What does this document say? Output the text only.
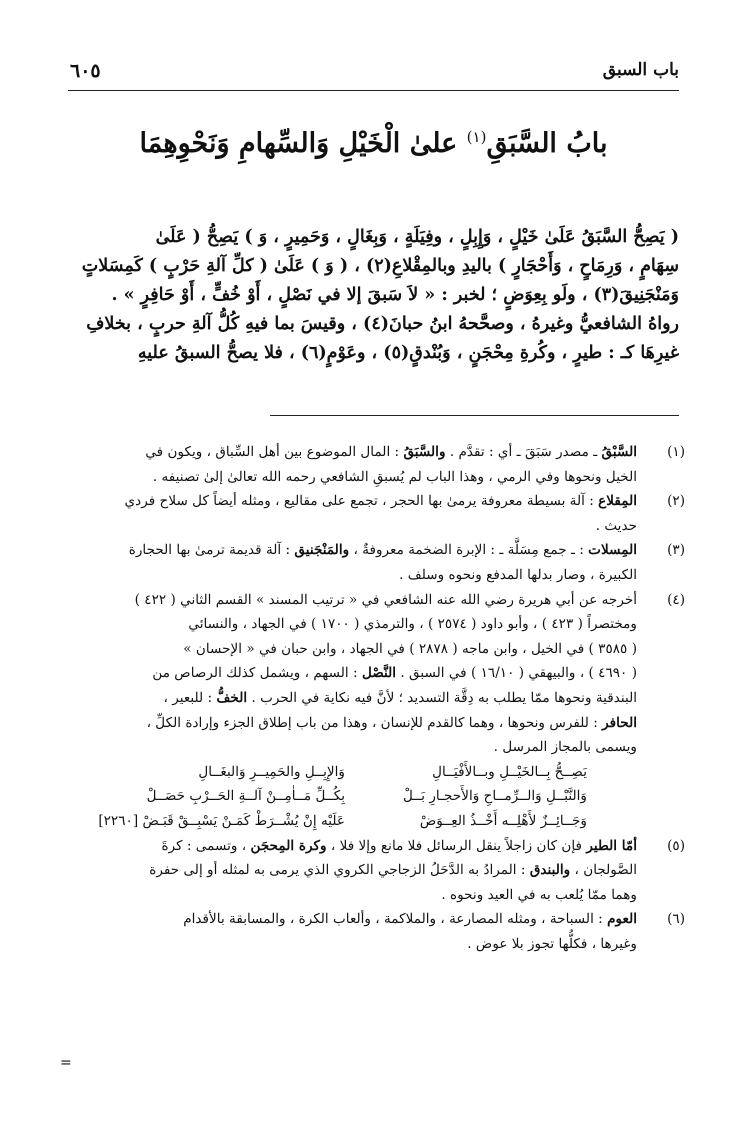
باب السبق
٦٠٥
بابُ السَّبَقِ$^{(١)}$ علىٰ الْخَيْلِ وَالسِّهامِ وَنَحْوِهِمَا
( يَصِحُّ السَّبَقُ عَلَىٰ خَيْلٍ ، وَإِبِلٍ ، وفِيَلَةٍ ، وَبِغَالٍ ، وَحَمِيرٍ ، وَ ) يَصِحُّ ( عَلَىٰ
سِهَامٍ ، وَرِمَاحٍ ، وَأَحْجَارٍ ) باليدِ وبالمِقْلاعِ(٢) ، ( وَ ) عَلَىٰ ( كلِّ آلةِ حَرْبٍ ) كَمِسَلاتٍ
وَمَنْجَنِيقَ(٣) ، ولَو بِعِوَضٍ ؛ لخبر : « لاَ سَبقَ إلا في نَصْلٍ ، أَوْ خُفٍّ ، أَوْ حَافِرٍ » .
رواهُ الشافعيُّ وغيرهُ ، وصحَّحهُ ابنُ حبانَ(٤) ، وقيسَ بما فيهِ كُلُّ آلةِ حربٍ ، بخلافِ
غيرِهَا كـ : طيرٍ ، وكُرةِ مِحْجَنٍ ، وَبُنْدقٍ(٥) ، وعَوْمٍ(٦) ، فلا يصحُّ السبقُ عليهِ
(١)
السَّبْقُ ـ مصدر سَبَقَ ـ أي : تقدَّم . والسَّبَقُ : المال الموضوع بين أهل السِّباق ، ويكون في
الخيل ونحوها وفي الرمي ، وهذا الباب لم يُسبقِ الشافعي رحمه الله تعالىٰ إلىٰ تصنيفه .
(٢)
المِقلاع : آلة بسيطة معروفة يرمىٰ بها الحجر ، تجمع على مقاليع ، ومثله أيضاً كل سلاح فردي
حديث .
(٣)
المِسلات : ـ جمع مِسَلَّة ـ : الإبرة الضخمة معروفةٌ ، والمَنْجَنيق : آلة قديمة ترمىٰ بها الحجارة
الكبيرة ، وصار بدلها المدفع ونحوه وسلف .
(٤)
أخرجه عن أبي هريرة رضي الله عنه الشافعي في « ترتيب المسند » القسم الثاني ( ٤٢٢ )
ومختصراً ( ٤٢٣ ) ، وأبو داود ( ٢٥٧٤ ) ، والترمذي ( ١٧٠٠ ) في الجهاد ، والنسائي
( ٣٥٨٥ ) في الخيل ، وابن ماجه ( ٢٨٧٨ ) في الجهاد ، وابن حبان في « الإحسان »
( ٤٦٩٠ ) ، والبيهقي ( ١٦/١٠ ) في السبق . النَّصْل : السهم ، ويشمل كذلك الرصاص من
البندقية ونحوها ممّا يطلب به دِقَّة التسديد ؛ لأنَّ فيه نكاية في الحرب . الخفُّ : للبعير ،
الحافر : للفرس ونحوها ، وهما كالقدم للإنسان ، وهذا من باب إطلاق الجزء وإرادة الكلِّ ،
ويسمى بالمجاز المرسل .
يَصِــحُّ بِــالخَيْــلِ وبــالأَفْيَــالِ
وَالإِبِــلِ والحَمِيــرِ وَالبغَــالِ
وَالنَّبْــلِ وَالــرِّمــاحِ وَالأَحجـارِ بَــلْ
بِكُــلِّ مَــاٰمِــنْ آلــةِ الحَــرْبِ حَصَــلْ
وَجَــائِــزٌ لأَهْلِــه أَخْــذُ العِــوَضْ
عَلَيْه إِنْ يُشْــرَطْ كَمَـنْ يَسْبِــقْ قَبَـضْ [٢٢٦٠]
(٥)
أمّا الطير فإن كان زاجلاً ينقل الرسائل فلا مانع وإلا فلا ، وكرة المِحجَن ، وتسمى : كرةَ
الصَّولجان ، والبندق : المرادُ به الدَّحَلُ الزجاجي الكروي الذي يرمى به لمثله أو إلى حفرة
وهما ممّا يُلعب به في العيد ونحوه .
(٦)
العوم : السباحة ، ومثله المصارعة ، والملاكمة ، وألعاب الكرة ، والمسابقة بالأقدام
وغيرها ، فكلُّها تجوز بلا عوض .
=
